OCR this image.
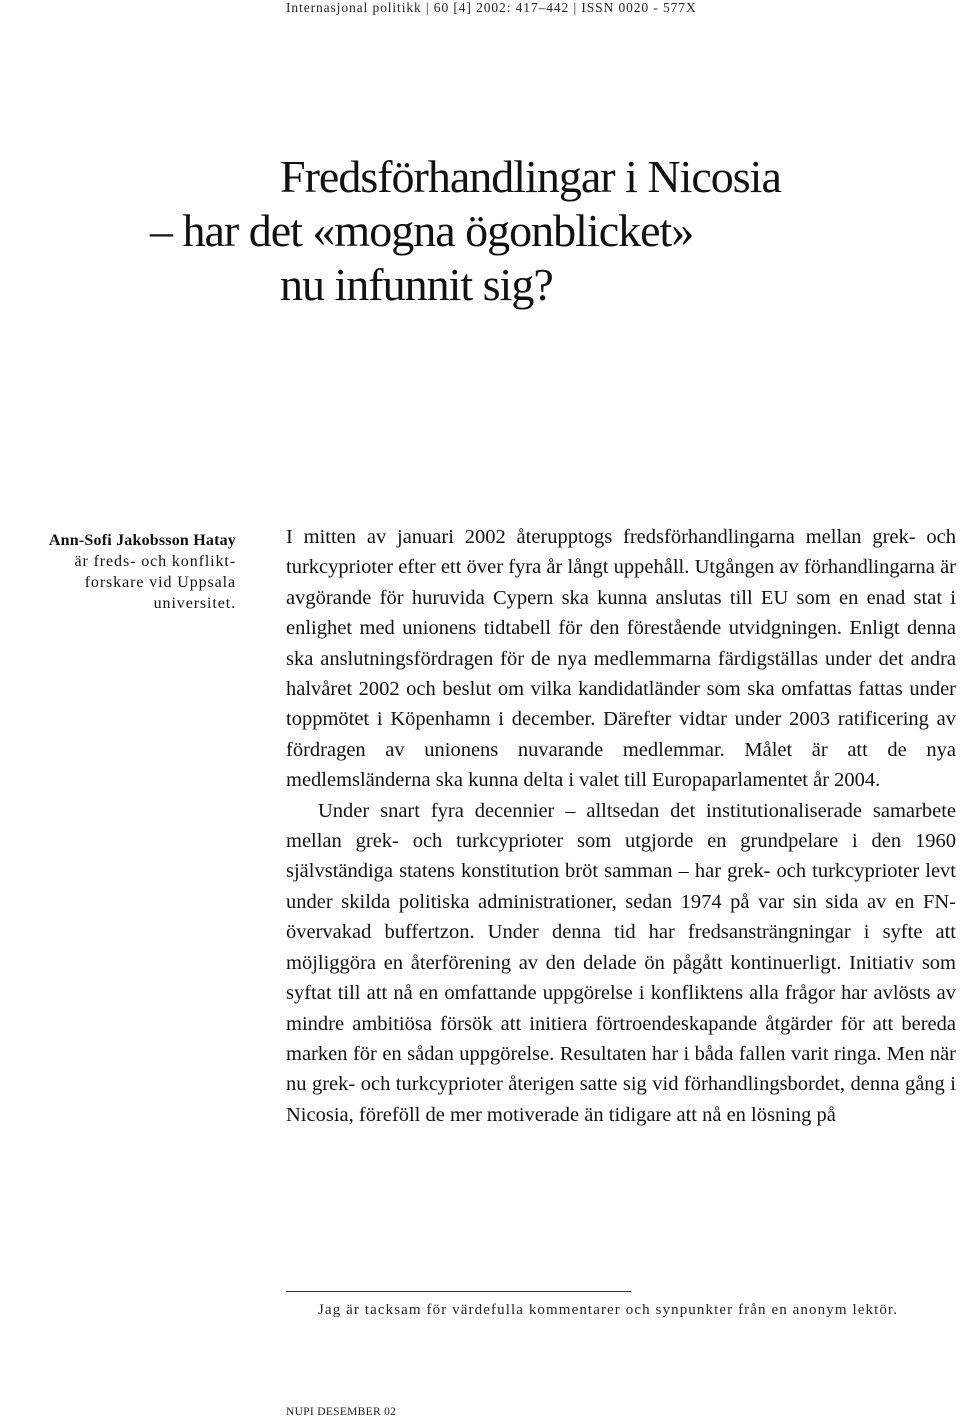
Internasjonal politikk | 60 [4] 2002: 417–442 | ISSN 0020 - 577X
Fredsförhandlingar i Nicosia
– har det «mogna ögonblicket»
nu infunnit sig?
Ann-Sofi Jakobsson Hatay
är freds- och konflikt-
forskare vid Uppsala
universitet.

I mitten av januari 2002 återupptogs fredsförhandlingarna mellan grek- och turkcyprioter efter ett över fyra år långt uppehåll. Utgången av förhandlingarna är avgörande för huruvida Cypern ska kunna anslutas till EU som en enad stat i enlighet med unionens tidtabell för den förestående utvidgningen. Enligt denna ska anslutningsfördragen för de nya medlemmarna färdigställas under det andra halvåret 2002 och beslut om vilka kandidatländer som ska omfattas fattas under toppmötet i Köpenhamn i december. Därefter vidtar under 2003 ratificering av fördragen av unionens nuvarande medlemmar. Målet är att de nya medlemsländerna ska kunna delta i valet till Europaparlamentet år 2004.

Under snart fyra decennier – alltsedan det institutionaliserade samarbete mellan grek- och turkcyprioter som utgjorde en grundpelare i den 1960 självständiga statens konstitution bröt samman – har grek- och turkcyprioter levt under skilda politiska administrationer, sedan 1974 på var sin sida av en FN-övervakad buffertzon. Under denna tid har fredsansträngningar i syfte att möjliggöra en återförening av den delade ön pågått kontinuerligt. Initiativ som syftat till att nå en omfattande uppgörelse i konfliktens alla frågor har avlösts av mindre ambitiösa försök att initiera förtroendeskapande åtgärder för att bereda marken för en sådan uppgörelse. Resultaten har i båda fallen varit ringa. Men när nu grek- och turkcyprioter återigen satte sig vid förhandlingsbordet, denna gång i Nicosia, föreföll de mer motiverade än tidigare att nå en lösning på

Jag är tacksam för värdefulla kommentarer och synpunkter från en anonym lektör.
NUPI DESEMBER 02
